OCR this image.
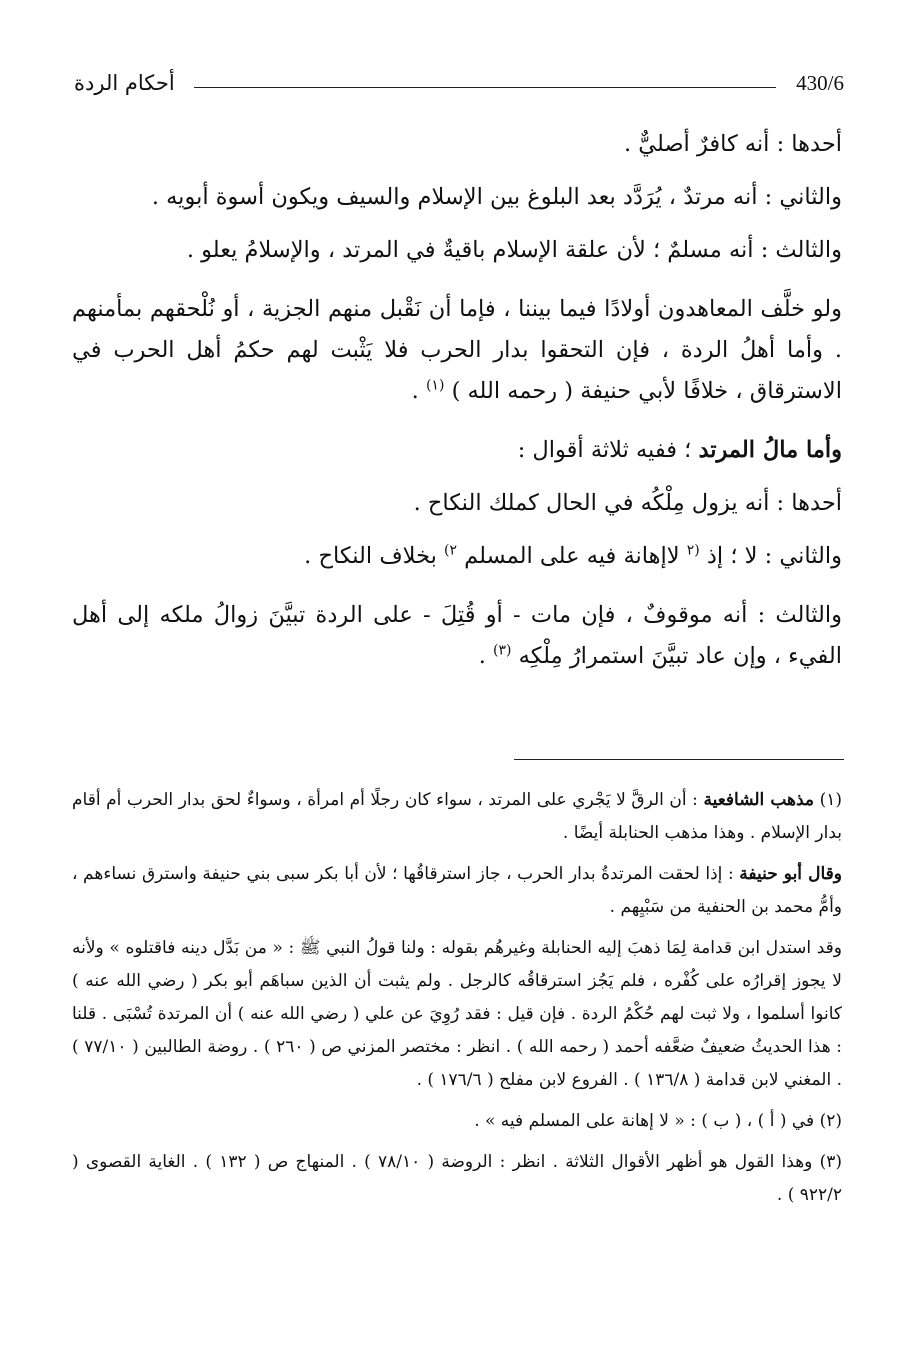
أحكام الردة	430/6

أحدها : أنه كافرٌ أصليٌّ .

والثاني : أنه مرتدٌ ، يُرَدَّد بعد البلوغ بين الإسلام والسيف ويكون أسوة أبويه .

والثالث : أنه مسلمٌ ؛ لأن علقة الإسلام باقيةٌ في المرتد ، والإسلامُ يعلو .

ولو خلَّف المعاهدون أولادًا فيما بيننا ، فإما أن نَقْبل منهم الجزية ، أو نُلْحقهم بمأمنهم . وأما أهلُ الردة ، فإن التحقوا بدار الحرب فلا يَثْبت لهم حكمُ أهل الحرب في الاسترقاق ، خلافًا لأبي حنيفة ( رحمه الله ) $^{(١)}$ .

وأما مالُ المرتد ؛ ففيه ثلاثة أقوال :

أحدها : أنه يزول مِلْكُه في الحال كملك النكاح .

والثاني : لا ؛ إذ $^{(٢}$ لاإهانة فيه على المسلم $^{٢)}$ بخلاف النكاح .

والثالث : أنه موقوفٌ ، فإن مات - أو قُتِلَ - على الردة تبيَّنَ زوالُ ملكه إلى أهل الفيء ، وإن عاد تبيَّنَ استمرارُ مِلْكِه $^{(٣)}$ .

(١) مذهب الشافعية : أن الرقَّ لا يَجْري على المرتد ، سواء كان رجلًا أم امرأة ، وسواءٌ لحق بدار الحرب أم أقام بدار الإسلام . وهذا مذهب الحنابلة أيضًا .

وقال أبو حنيفة : إذا لحقت المرتدةُ بدار الحرب ، جاز استرقاقُها ؛ لأن أبا بكر سبى بني حنيفة واسترق نساءهم ، وأمُّ محمد بن الحنفية من سَبْيِهم .

وقد استدل ابن قدامة لِمَا ذهبَ إليه الحنابلة وغيرهُم بقوله : ولنا قولُ النبي ﷺ : « من بَدَّل دينه فاقتلوه » ولأنه لا يجوز إقرارُه على كُفْره ، فلم يَجُز استرقاقُه كالرجل . ولم يثبت أن الذين سباهَم أبو بكر ( رضي الله عنه ) كانوا أسلموا ، ولا ثبت لهم حُكْمُ الردة . فإن قيل : فقد رُوِيَ عن علي ( رضي الله عنه ) أن المرتدة تُسْبَى . قلنا : هذا الحديثُ ضعيفٌ ضعَّفه أحمد ( رحمه الله ) . انظر : مختصر المزني ص ( ٢٦٠ ) . روضة الطالبين ( ٧٧/١٠ ) . المغني لابن قدامة ( ١٣٦/٨ ) . الفروع لابن مفلح ( ١٧٦/٦ ) .

(٢) في ( أ ) ، ( ب ) : « لا إهانة على المسلم فيه » .

(٣) وهذا القول هو أظهر الأقوال الثلاثة . انظر : الروضة ( ٧٨/١٠ ) . المنهاج ص ( ١٣٢ ) . الغاية القصوى ( ٩٢٢/٢ ) .
